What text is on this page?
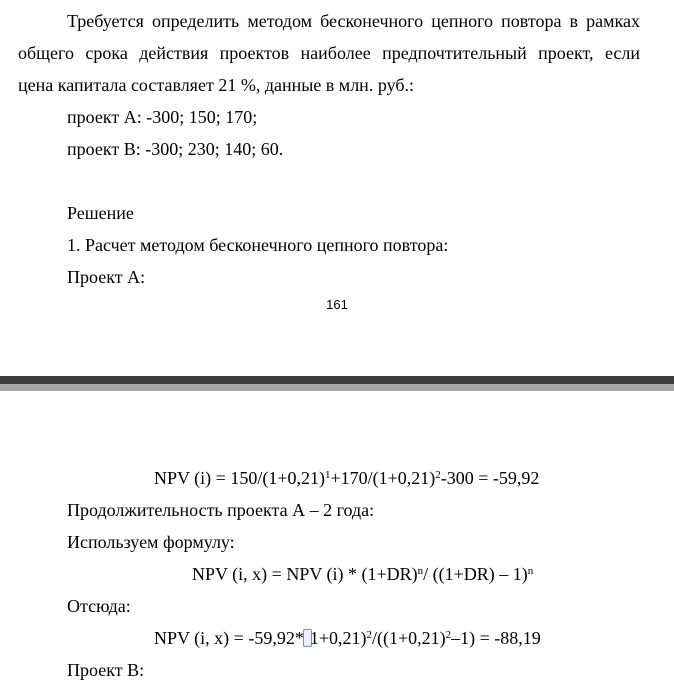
Требуется определить методом бесконечного цепного повтора в рамках
общего срока действия проектов наиболее предпочтительный проект, если
цена капитала составляет 21 %, данные в млн. руб.:
проект А: -300; 150; 170;
проект В: -300; 230; 140; 60.
Решение
1. Расчет методом бесконечного цепного повтора:
Проект А:
161
NPV $(i) = 150/(1+0,21)^1+170/(1+0,21)^2-300 = -59,92$
Продолжительность проекта А – 2 года:
Используем формулу:
NPV (i, x) = NPV $(i) * (1+DR)^n/$ $((1+DR) - 1)^n$
Отсюда:
NPV (i, x) = -59,92* $1+0,21)^2/((1+0,21)^2-1) = -88,19$
Проект В:
